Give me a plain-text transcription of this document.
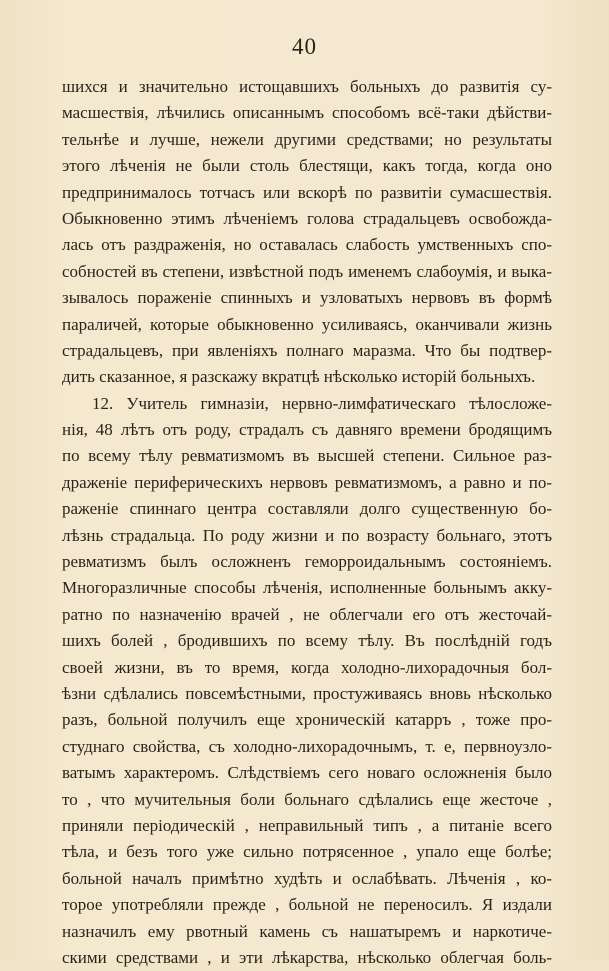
40
шихся и значительно истощавшихъ больныхъ до развитія су-
масшествія, лѣчились описаннымъ способомъ всё-таки дѣйстви-
тельнѣе и лучше, нежели другими средствами; но результаты
этого лѣченія не были столь блестящи, какъ тогда, когда оно
предпринималось тотчасъ или вскорѣ по развитіи сумасшествія.
Обыкновенно этимъ лѣченіемъ голова страдальцевъ освобождa-
лась отъ раздраженія, но оставалась слабость умственныхъ спо-
собностей въ степени, извѣстной подъ именемъ слабоумія, и выка-
зывалось пораженіе спинныхъ и узловатыхъ нервовъ въ формѣ
параличей, которые обыкновенно усиливаясь, оканчивали жизнь
страдальцевъ, при явленіяхъ полнаго маразма. Что бы подтвер-
дить сказанное, я разскажу вкратцѣ нѣсколько исторій больныхъ.
12. Учитель гимназіи, нервно-лимфатическаго тѣлосложе-
нія, 48 лѣтъ отъ роду, страдалъ съ давняго времени бродящимъ
по всему тѣлу ревматизмомъ въ высшей степени. Сильное раз-
драженіе периферическихъ нервовъ ревматизмомъ, а равно и по-
раженіе спиннаго центра составляли долго существенную бо-
лѣзнь страдальца. По роду жизни и по возрасту больнаго, этотъ
ревматизмъ былъ осложненъ геморроидальнымъ состояніемъ.
Многоразличные способы лѣченія, исполненные больнымъ акку-
ратно по назначенію врачей , не облегчали его отъ жесточай-
шихъ болей , бродившихъ по всему тѣлу. Въ послѣдній годъ
своей жизни, въ то время, когда холодно-лихорадочныя бол-
ѣзни сдѣлались повсемѣстными, простуживаясь вновь нѣсколько
разъ, больной получилъ еще хроническій катарръ , тоже про-
студнаго свойства, съ холодно-лихорадочнымъ, т. е, первноузло-
ватымъ характеромъ. Слѣдствіемъ сего новаго осложненія было
то , что мучительныя боли больнаго сдѣлались еще жесточе ,
приняли періодическій , неправильный типъ , а питаніе всего
тѣла, и безъ того уже сильно потрясенное , упало еще болѣе;
больной началъ примѣтно худѣть и ослабѣвать. Лѣченія , ко-
торое употребляли прежде , больной не переносилъ. Я издали
назначилъ ему рвотный камень съ нашатыремъ и наркотиче-
скими средствами , и эти лѣкарства, нѣсколько облегчая боль-
